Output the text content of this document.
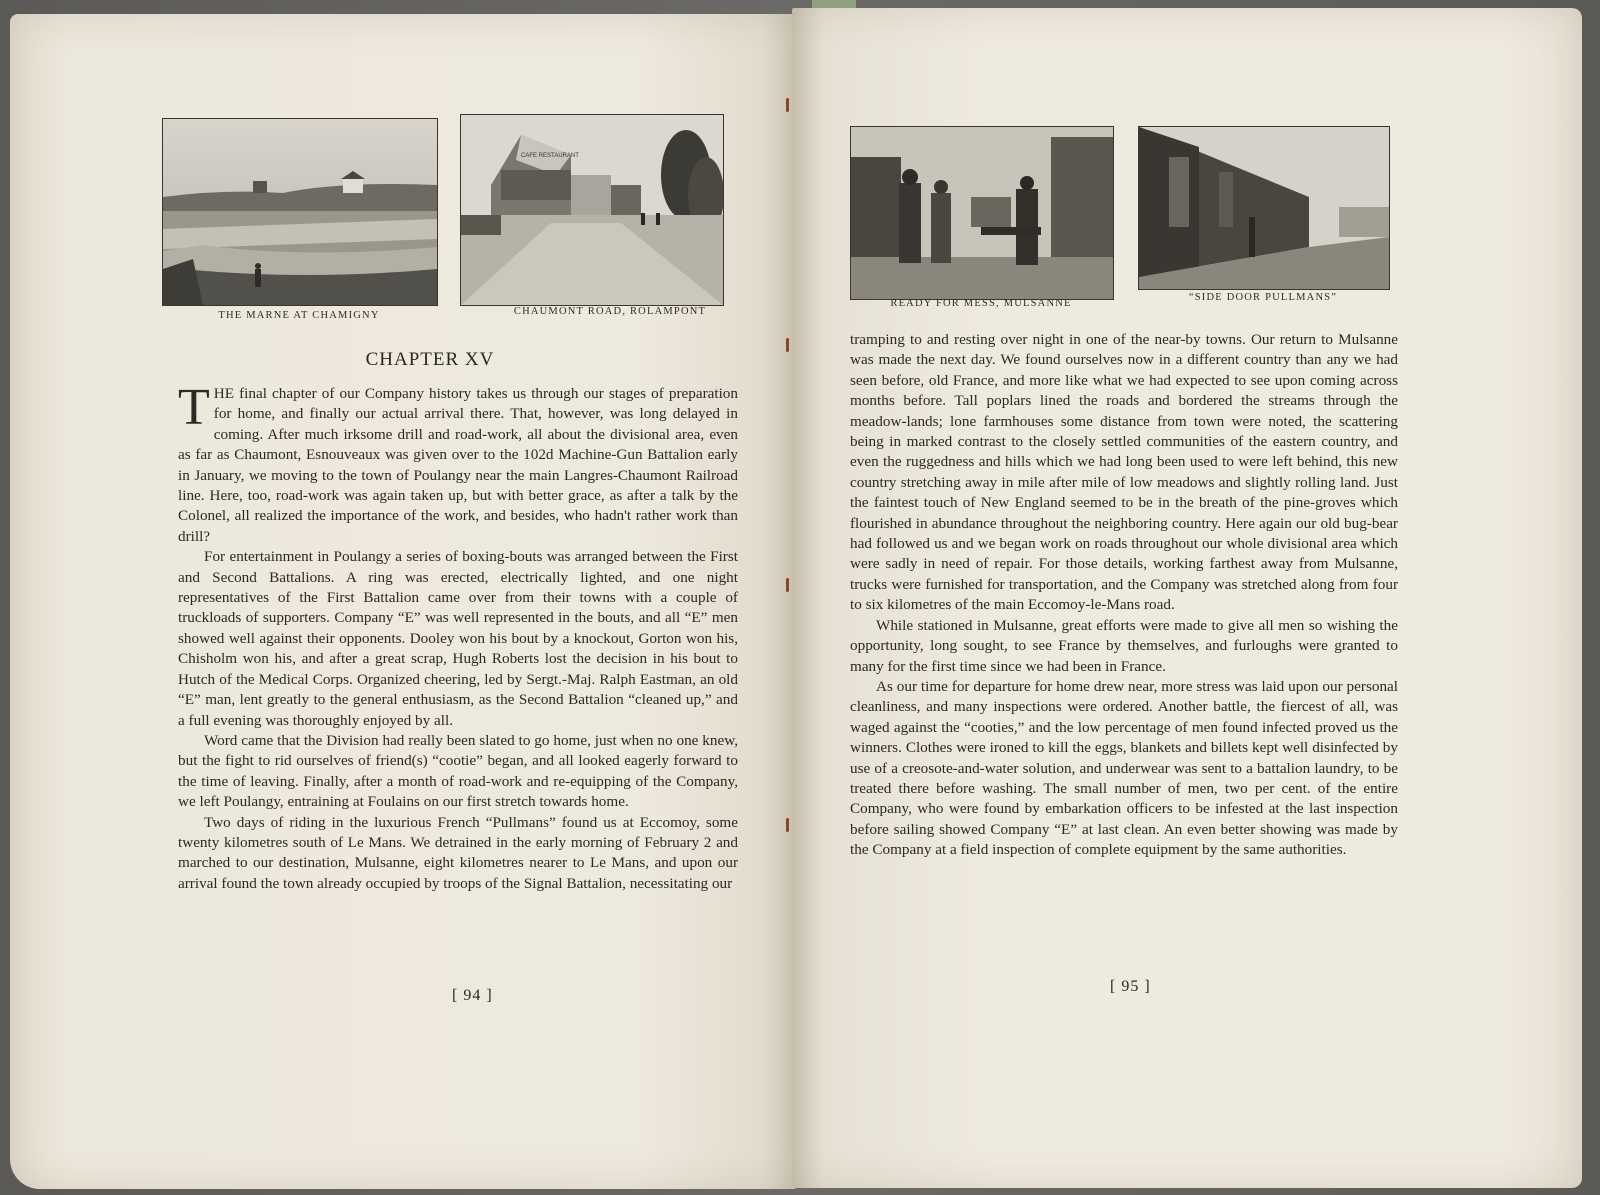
THE MARNE AT CHAMIGNY
CAFE RESTAURANT
CHAUMONT ROAD, ROLAMPONT
CHAPTER XV

THE final chapter of our Company history takes us through our stages of preparation for home, and finally our actual arrival there. That, however, was long delayed in coming. After much irksome drill and road-work, all about the divisional area, even as far as Chaumont, Esnouveaux was given over to the 102d Machine-Gun Battalion early in January, we moving to the town of Poulangy near the main Langres-Chaumont Railroad line. Here, too, road-work was again taken up, but with better grace, as after a talk by the Colonel, all realized the importance of the work, and besides, who hadn't rather work than drill?

For entertainment in Poulangy a series of boxing-bouts was arranged between the First and Second Battalions. A ring was erected, electrically lighted, and one night representatives of the First Battalion came over from their towns with a couple of truckloads of supporters. Company “E” was well represented in the bouts, and all “E” men showed well against their opponents. Dooley won his bout by a knockout, Gorton won his, Chisholm won his, and after a great scrap, Hugh Roberts lost the decision in his bout to Hutch of the Medical Corps. Organized cheering, led by Sergt.-Maj. Ralph Eastman, an old “E” man, lent greatly to the general enthusiasm, as the Second Battalion “cleaned up,” and a full evening was thoroughly enjoyed by all.

Word came that the Division had really been slated to go home, just when no one knew, but the fight to rid ourselves of friend(s) “cootie” began, and all looked eagerly forward to the time of leaving. Finally, after a month of road-work and re-equipping of the Company, we left Poulangy, entraining at Foulains on our first stretch towards home.

Two days of riding in the luxurious French “Pullmans” found us at Eccomoy, some twenty kilometres south of Le Mans. We detrained in the early morning of February 2 and marched to our destination, Mulsanne, eight kilometres nearer to Le Mans, and upon our arrival found the town already occupied by troops of the Signal Battalion, necessitating our

[ 94 ]
READY FOR MESS, MULSANNE
“SIDE DOOR PULLMANS”

tramping to and resting over night in one of the near-by towns. Our return to Mulsanne was made the next day. We found ourselves now in a different country than any we had seen before, old France, and more like what we had expected to see upon coming across months before. Tall poplars lined the roads and bordered the streams through the meadow-lands; lone farmhouses some distance from town were noted, the scattering being in marked contrast to the closely settled communities of the eastern country, and even the ruggedness and hills which we had long been used to were left behind, this new country stretching away in mile after mile of low meadows and slightly rolling land. Just the faintest touch of New England seemed to be in the breath of the pine-groves which flourished in abundance throughout the neighboring country. Here again our old bug-bear had followed us and we began work on roads throughout our whole divisional area which were sadly in need of repair. For those details, working farthest away from Mulsanne, trucks were furnished for transportation, and the Company was stretched along from four to six kilometres of the main Eccomoy-le-Mans road.

While stationed in Mulsanne, great efforts were made to give all men so wishing the opportunity, long sought, to see France by themselves, and furloughs were granted to many for the first time since we had been in France.

As our time for departure for home drew near, more stress was laid upon our personal cleanliness, and many inspections were ordered. Another battle, the fiercest of all, was waged against the “cooties,” and the low percentage of men found infected proved us the winners. Clothes were ironed to kill the eggs, blankets and billets kept well disinfected by use of a creosote-and-water solution, and underwear was sent to a battalion laundry, to be treated there before washing. The small number of men, two per cent. of the entire Company, who were found by embarkation officers to be infested at the last inspection before sailing showed Company “E” at last clean. An even better showing was made by the Company at a field inspection of complete equipment by the same authorities.

[ 95 ]
